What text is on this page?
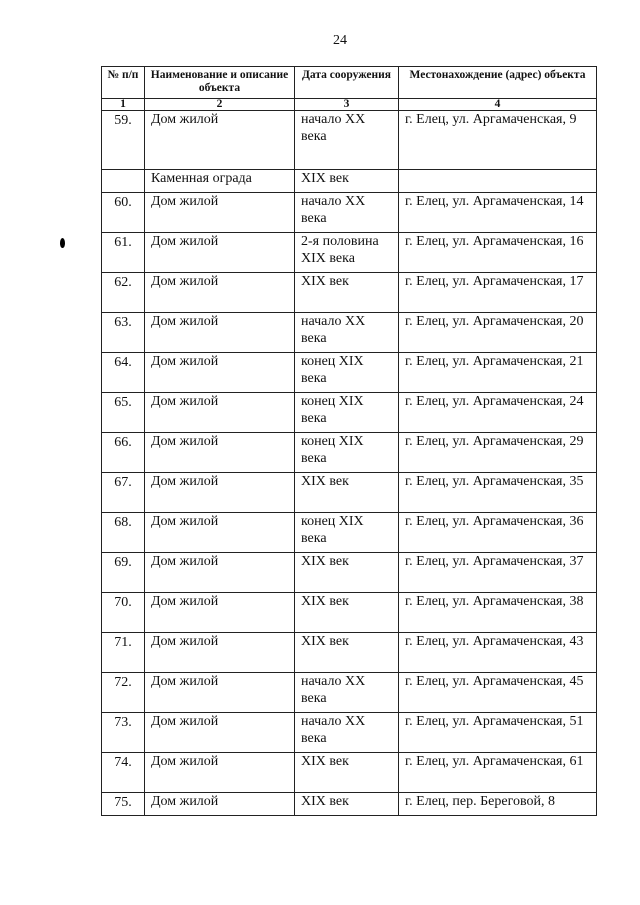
24
№ п/п	Наименование и описание объекта	Дата сооружения	Местонахождение (адрес) объекта
1	2	3	4
59.	Дом жилой	начало XX века	г. Елец, ул. Аргамаченская, 9
	Каменная ограда	XIX век	
60.	Дом жилой	начало XX века	г. Елец, ул. Аргамаченская, 14
61.	Дом жилой	2-я половина XIX века	г. Елец, ул. Аргамаченская, 16
62.	Дом жилой	XIX век	г. Елец, ул. Аргамаченская, 17
63.	Дом жилой	начало XX века	г. Елец, ул. Аргамаченская, 20
64.	Дом жилой	конец XIX века	г. Елец, ул. Аргамаченская, 21
65.	Дом жилой	конец XIX века	г. Елец, ул. Аргамаченская, 24
66.	Дом жилой	конец XIX века	г. Елец, ул. Аргамаченская, 29
67.	Дом жилой	XIX век	г. Елец, ул. Аргамаченская, 35
68.	Дом жилой	конец XIX века	г. Елец, ул. Аргамаченская, 36
69.	Дом жилой	XIX век	г. Елец, ул. Аргамаченская, 37
70.	Дом жилой	XIX век	г. Елец, ул. Аргамаченская, 38
71.	Дом жилой	XIX век	г. Елец, ул. Аргамаченская, 43
72.	Дом жилой	начало XX века	г. Елец, ул. Аргамаченская, 45
73.	Дом жилой	начало XX века	г. Елец, ул. Аргамаченская, 51
74.	Дом жилой	XIX век	г. Елец, ул. Аргамаченская, 61
75.	Дом жилой	XIX век	г. Елец, пер. Береговой, 8
